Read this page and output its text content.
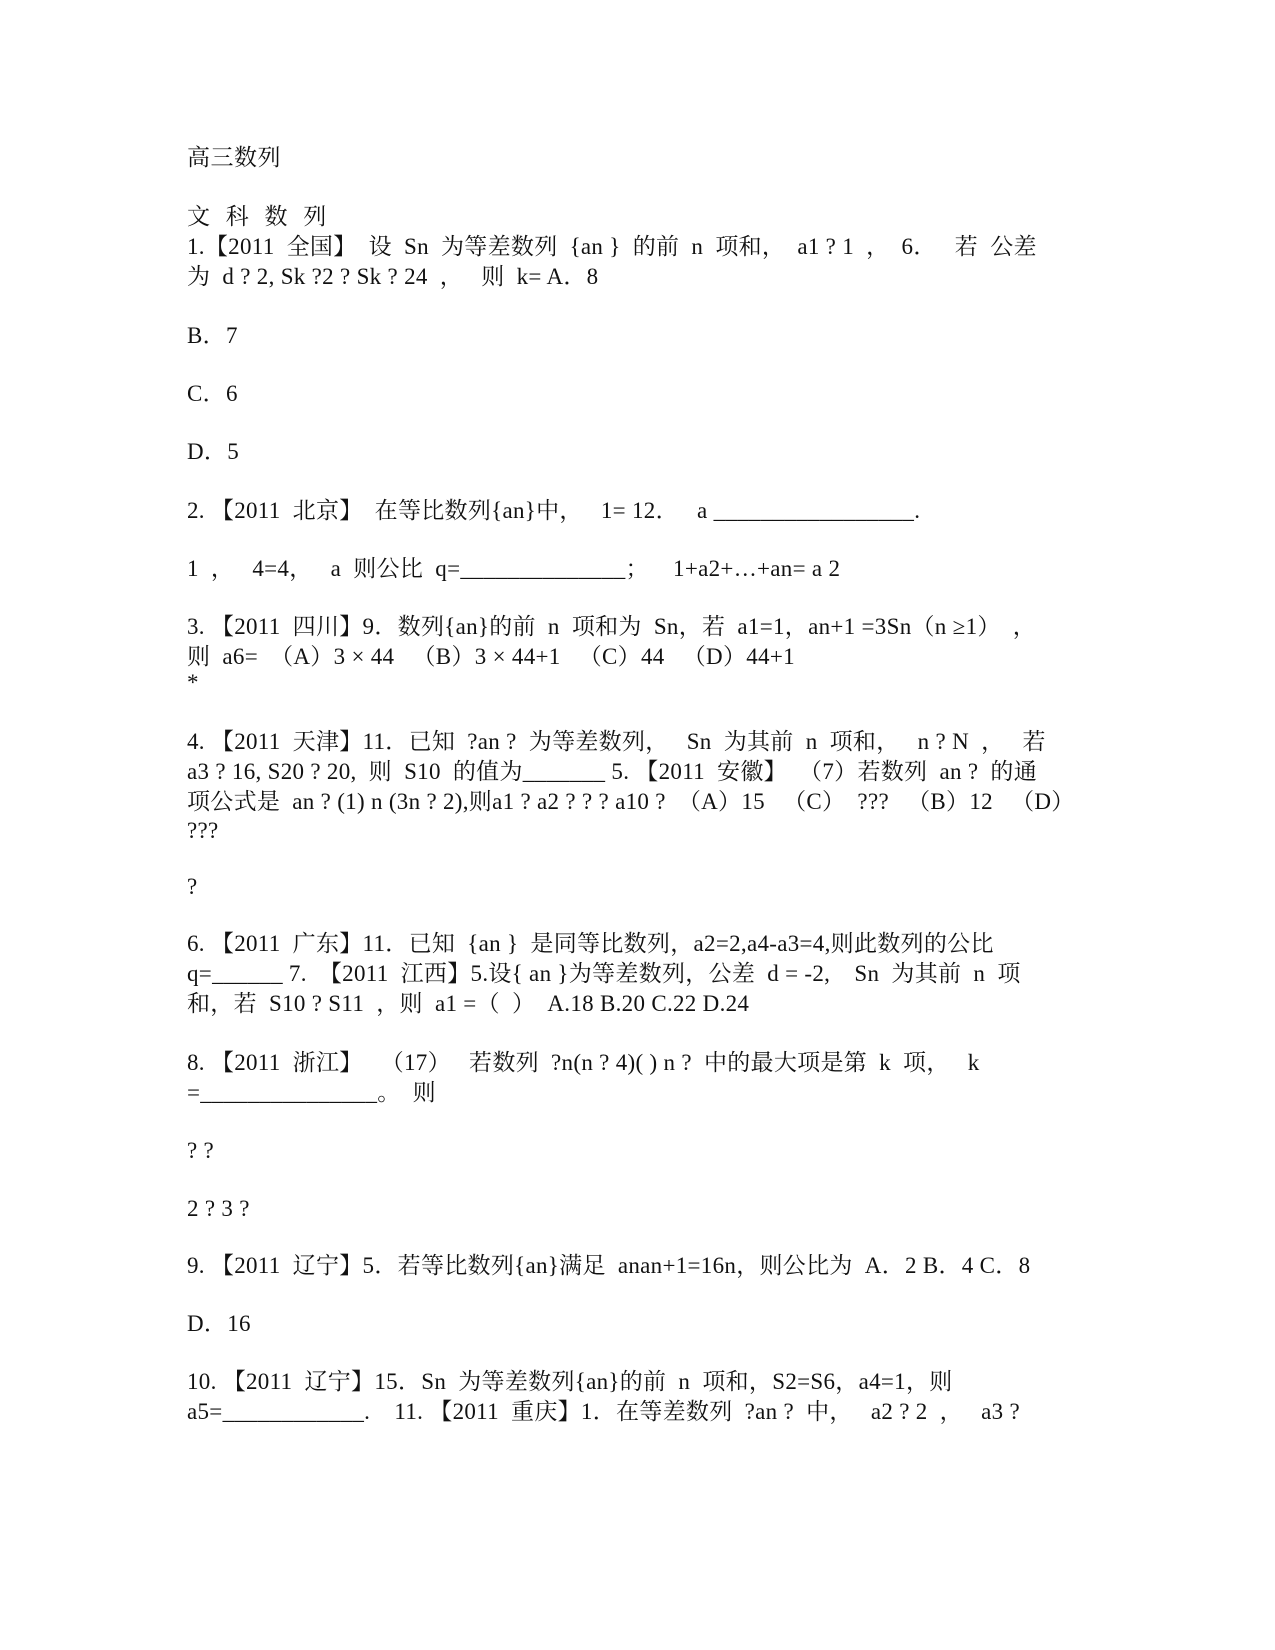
高三数列
文 科 数 列
1.【2011  全国】  设  Sn  为等差数列  {an }  的前  n  项和，  a1 ? 1  ，  6．   若  公差
为  d ? 2, Sk ?2 ? Sk ? 24  ，   则  k= A．8
B．7
C．6
D．5
2. 【2011  北京】  在等比数列{an}中，   1= 12．   a _________________.
1  ，   4=4，   a  则公比  q=______________；    1+a2+…+an= a 2
3. 【2011  四川】9．数列{an}的前  n  项和为  Sn，若  a1=1，an+1 =3Sn（n ≥1）  ，
则  a6=  （A）3 × 44   （B）3 × 44+1   （C）44   （D）44+1
*
4. 【2011  天津】11．已知  ?an ?  为等差数列，   Sn  为其前  n  项和，   n ? N  ，   若
a3 ? 16, S20 ? 20,  则  S10  的值为_______ 5. 【2011  安徽】  （7）若数列  an ?  的通
项公式是  an ? (1) n (3n ? 2),则a1 ? a2 ? ? ? a10 ?  （A）15   （C）  ???   （B）12   （D）
???
?
6. 【2011  广东】11．已知  {an }  是同等比数列，a2=2,a4-a3=4,则此数列的公比
q=______ 7.  【2011  江西】5.设{ an }为等差数列，公差  d = -2,    Sn  为其前  n  项
和，若  S10 ? S11  ，则  a1 =（  ）  A.18 B.20 C.22 D.24
8. 【2011  浙江】   （17）   若数列  ?n(n ? 4)( ) n ?  中的最大项是第  k  项，   k
=_______________。  则
? ?
2 ? 3 ?
9. 【2011  辽宁】5．若等比数列{an}满足  anan+1=16n，则公比为  A．2 B．4 C．8
D．16
10. 【2011  辽宁】15．Sn  为等差数列{an}的前  n  项和，S2=S6，a4=1，则
a5=____________.    11. 【2011  重庆】1．在等差数列  ?an ?  中，   a2 ? 2  ，   a3 ?
